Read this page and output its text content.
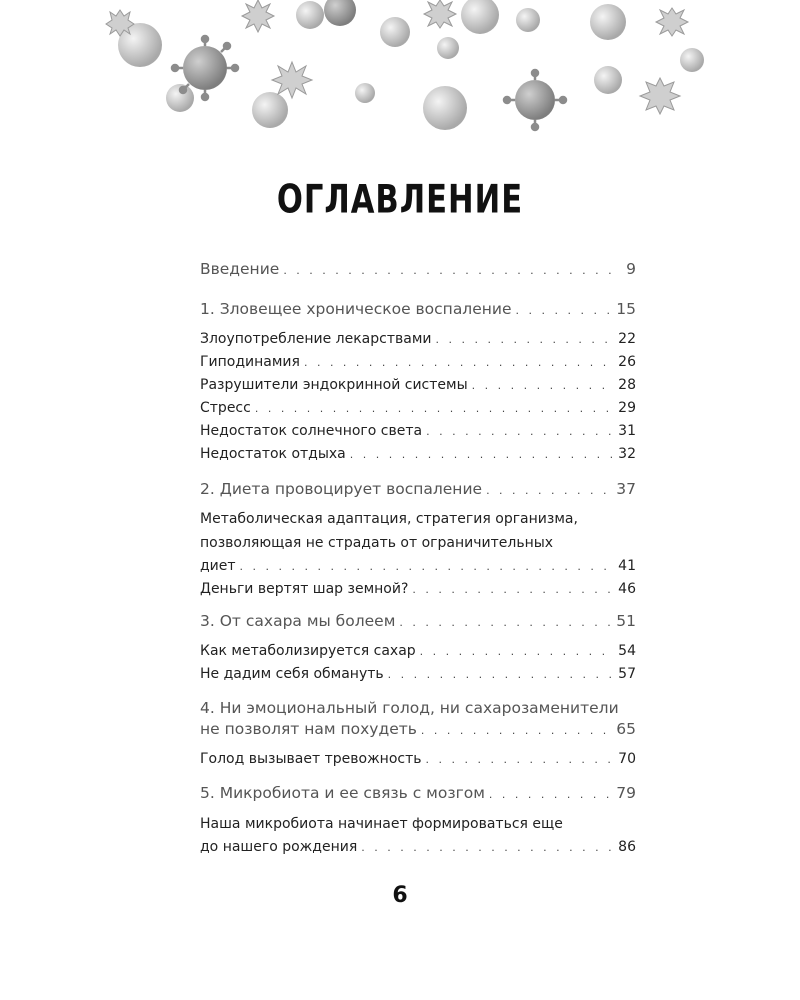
ОГЛАВЛЕНИЕ
Введение . . .	9
1. Зловещее хроническое воспаление . . .	15
Злоупотребление лекарствами . . .	22
Гиподинамия . . .	26
Разрушители эндокринной системы . . .	28
Стресс . . .	29
Недостаток солнечного света . . .	31
Недостаток отдыха . . .	32
2. Диета провоцирует воспаление . . .	37
Метаболическая адаптация, стратегия организма,
позволяющая не страдать от ограничительных
диет . . .	41
Деньги вертят шар земной? . . .	46
3. От сахара мы болеем . . .	51
Как метаболизируется сахар . . .	54
Не дадим себя обмануть . . .	57
4. Ни эмоциональный голод, ни сахарозаменители
не позволят нам похудеть . . .	65
Голод вызывает тревожность . . .	70
5. Микробиота и ее связь с мозгом . . .	79
Наша микробиота начинает формироваться еще
до нашего рождения . . .	86
6
